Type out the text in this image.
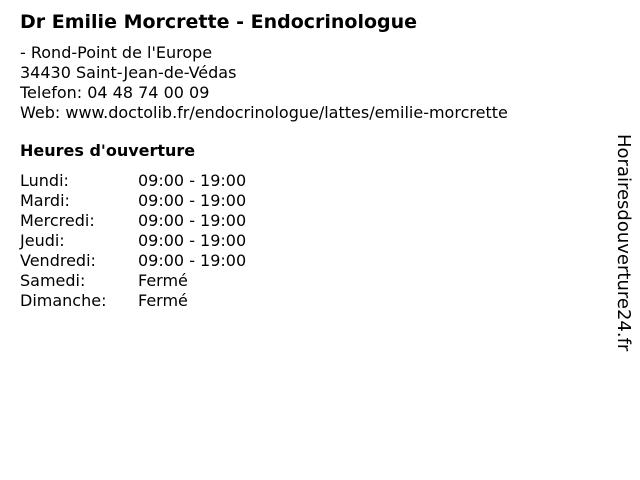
Dr Emilie Morcrette - Endocrinologue
- Rond-Point de l'Europe
34430 Saint-Jean-de-Védas
Telefon: 04 48 74 00 09
Web: www.doctolib.fr/endocrinologue/lattes/emilie-morcrette
Heures d'ouverture
Lundi:	09:00 - 19:00
Mardi:	09:00 - 19:00
Mercredi:	09:00 - 19:00
Jeudi:	09:00 - 19:00
Vendredi:	09:00 - 19:00
Samedi:	Fermé
Dimanche:	Fermé	Horairesdouverture24.fr
